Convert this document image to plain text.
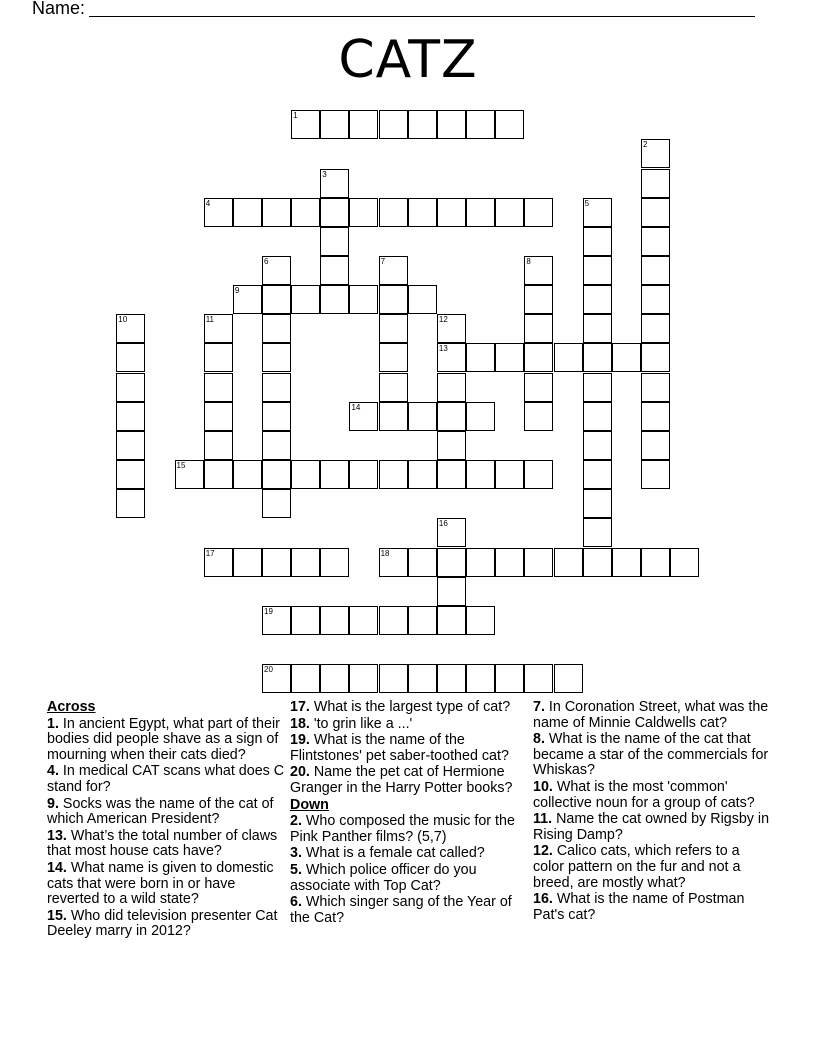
Name:
CATZ
1
2
3
4	5
6	7	8
9
10	11	12
13
14
15
16
17	18
19
20

Across

1. In ancient Egypt, what part of their bodies did people shave as a sign of mourning when their cats died?

4. In medical CAT scans what does C stand for?

9. Socks was the name of the cat of which American President?

13. What’s the total number of claws that most house cats have?

14. What name is given to domestic cats that were born in or have reverted to a wild state?

15. Who did television presenter Cat Deeley marry in 2012?

17. What is the largest type of cat?

18. 'to grin like a ...'

19. What is the name of the Flintstones' pet saber-toothed cat?

20. Name the pet cat of Hermione Granger in the Harry Potter books?

Down

2. Who composed the music for the Pink Panther films? (5,7)

3. What is a female cat called?

5. Which police officer do you associate with Top Cat?

6. Which singer sang of the Year of the Cat?

7. In Coronation Street, what was the name of Minnie Caldwells cat?

8. What is the name of the cat that became a star of the commercials for Whiskas?

10. What is the most 'common' collective noun for a group of cats?

11. Name the cat owned by Rigsby in Rising Damp?

12. Calico cats, which refers to a color pattern on the fur and not a breed, are mostly what?

16. What is the name of Postman Pat's cat?
